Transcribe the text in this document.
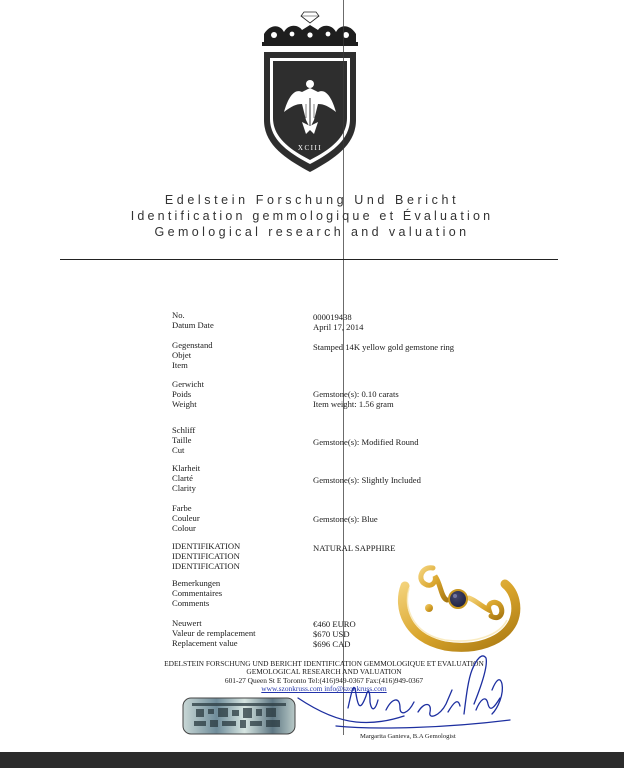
XCIII
Edelstein Forschung Und Bericht
Identification gemmologique et Évaluation
Gemological research and valuation
No.
Datum Date
Gegenstand
Objet
Item
Gerwicht
Poids
Weight
Schliff
Taille
Cut
Klarheit
Clarté
Clarity
Farbe
Couleur
Colour
IDENTIFIKATION
IDENTIFICATION
IDENTIFICATION
Bemerkungen
Commentaires
Comments
Neuwert
Valeur de remplacement
Replacement value
000019438
April 17, 2014
Stamped 14K yellow gold gemstone ring
Gemstone(s): 0.10 carats
Item weight: 1.56 gram
Gemstone(s): Modified Round
Gemstone(s): Slightly Included
Gemstone(s): Blue
NATURAL SAPPHIRE
€460 EURO
$670 USD
$696 CAD
EDELSTEIN FORSCHUNG UND BERICHT IDENTIFICATION GEMMOLOGIQUE ET EVALUATION
GEMOLOGICAL RESEARCH AND VALUATION
601-27 Queen St E Toronto Tel:(416)949-0367 Fax:(416)949-0367
www.szonkruss.com info@szonkruss.com
Margarita Ganieva, B.A Gemologist
